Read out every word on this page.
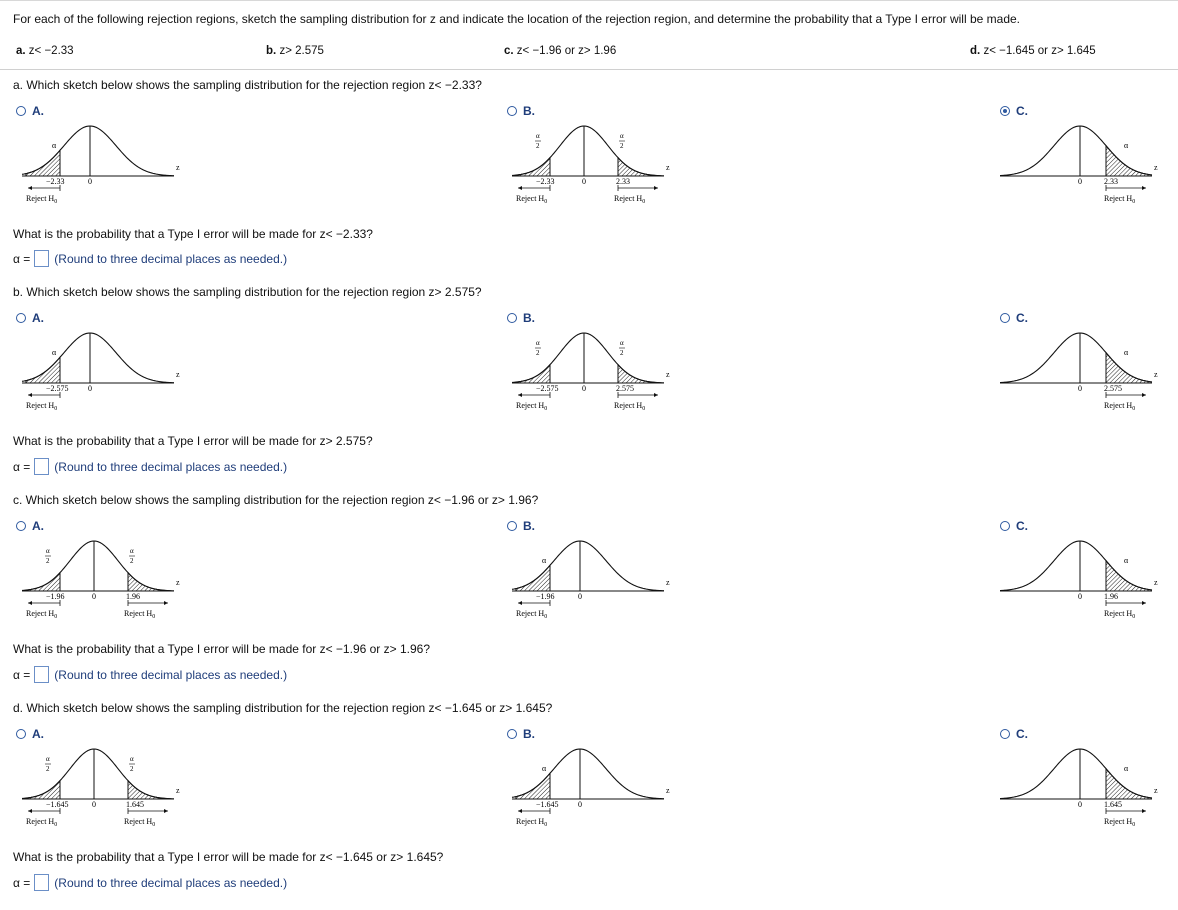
For each of the following rejection regions, sketch the sampling distribution for z and indicate the location of the rejection region, and determine the probability that a Type I error will be made.
a. z< −2.33	b. z> 2.575	c. z< −1.96 or z> 1.96	d. z< −1.645 or z> 1.645
a. Which sketch below shows the sampling distribution for the rejection region z< −2.33?
A.	B.	C.
z
0
−2.33
Reject $H_0$
α
z
0
−2.33
Reject $H_0$
2.33
Reject $H_0$
α
2
α
2
z
0	2.33
Reject $H_0$
α
What is the probability that a Type I error will be made for z< −2.33?
α = (Round to three decimal places as needed.)
b. Which sketch below shows the sampling distribution for the rejection region z> 2.575?
A.	B.	C.
z
0
−2.575
Reject $H_0$
α
z
0
−2.575
Reject $H_0$
2.575
Reject $H_0$
α
2
α
2
z
0	2.575
Reject $H_0$
α
What is the probability that a Type I error will be made for z> 2.575?
α = (Round to three decimal places as needed.)
c. Which sketch below shows the sampling distribution for the rejection region z< −1.96 or z> 1.96?
A.	B.	C.
z
0
−1.96
Reject $H_0$
1.96
Reject $H_0$
α
2
α
2
z
0
−1.96
Reject $H_0$
α
z
0	1.96
Reject $H_0$
α
What is the probability that a Type I error will be made for z< −1.96 or z> 1.96?
α = (Round to three decimal places as needed.)
d. Which sketch below shows the sampling distribution for the rejection region z< −1.645 or z> 1.645?
A.	B.	C.
z
0
−1.645
Reject $H_0$
1.645
Reject $H_0$
α
2
α
2
z
0
−1.645
Reject $H_0$
α
z
0	1.645
Reject $H_0$
α
What is the probability that a Type I error will be made for z< −1.645 or z> 1.645?
α = (Round to three decimal places as needed.)
